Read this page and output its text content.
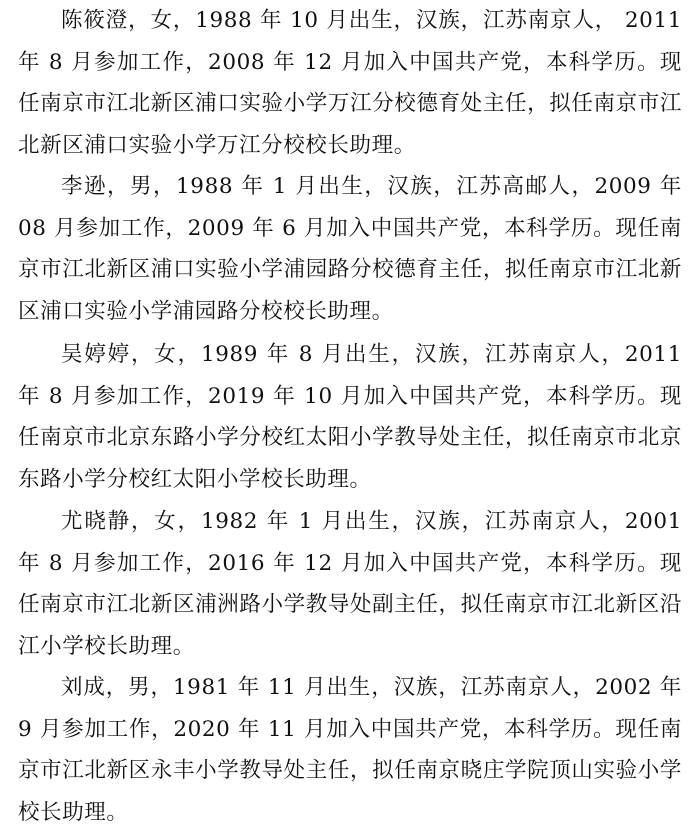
陈筱澄，女，1988 年 10 月出生，汉族，江苏南京人， 2011 年 8 月参加工作，2008 年 12 月加入中国共产党，本科学历。现任南京市江北新区浦口实验小学万江分校德育处主任，拟任南京市江北新区浦口实验小学万江分校校长助理。

李逊，男，1988 年 1 月出生，汉族，江苏高邮人，2009 年 08 月参加工作，2009 年 6 月加入中国共产党，本科学历。现任南京市江北新区浦口实验小学浦园路分校德育主任，拟任南京市江北新区浦口实验小学浦园路分校校长助理。

吴婷婷，女，1989 年 8 月出生，汉族，江苏南京人，2011 年 8 月参加工作，2019 年 10 月加入中国共产党，本科学历。现任南京市北京东路小学分校红太阳小学教导处主任，拟任南京市北京东路小学分校红太阳小学校长助理。

尤晓静，女，1982 年 1 月出生，汉族，江苏南京人，2001 年 8 月参加工作，2016 年 12 月加入中国共产党，本科学历。现任南京市江北新区浦洲路小学教导处副主任，拟任南京市江北新区沿江小学校长助理。

刘成，男，1981 年 11 月出生，汉族，江苏南京人，2002 年 9 月参加工作，2020 年 11 月加入中国共产党，本科学历。现任南京市江北新区永丰小学教导处主任，拟任南京晓庄学院顶山实验小学校长助理。
